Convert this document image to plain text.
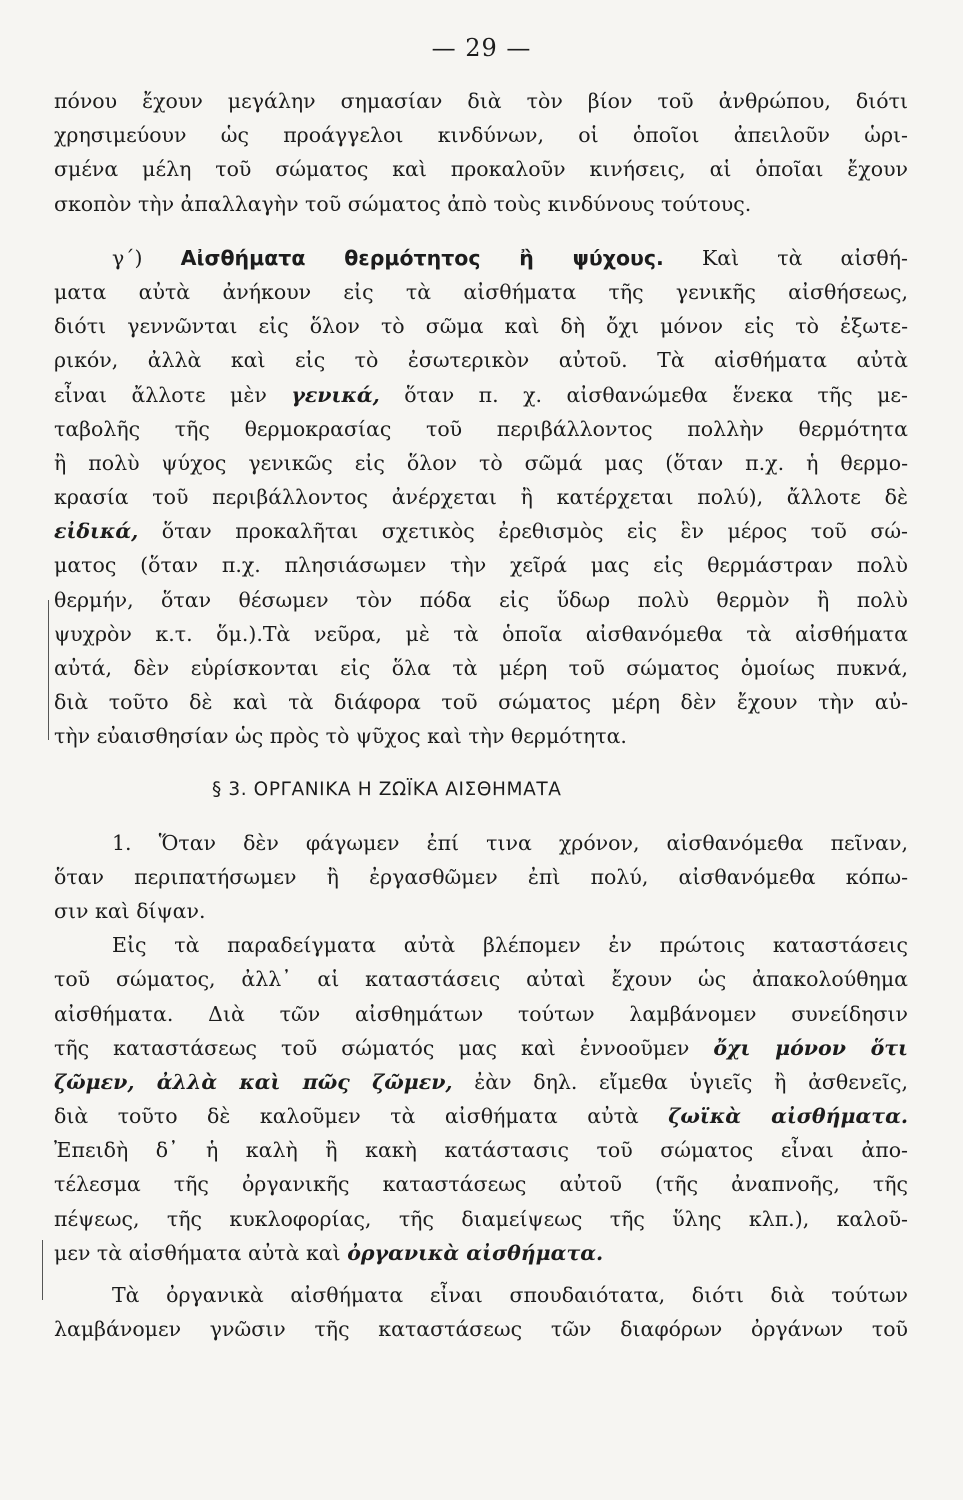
— 29 —
πόνου ἔχουν μεγάλην σημασίαν διὰ τὸν βίον τοῦ ἀνθρώπου, διότι
χρησιμεύουν ὡς προάγγελοι κινδύνων, οἱ ὁποῖοι ἀπειλοῦν ὡρι-
σμένα μέλη τοῦ σώματος καὶ προκαλοῦν κινήσεις, αἱ ὁποῖαι ἔχουν
σκοπὸν τὴν ἀπαλλαγὴν τοῦ σώματος ἀπὸ τοὺς κινδύνους τούτους.
γ΄) Αἰσθήματα θερμότητος ἢ ψύχους. Καὶ τὰ αἰσθή-
ματα αὐτὰ ἀνήκουν εἰς τὰ αἰσθήματα τῆς γενικῆς αἰσθήσεως,
διότι γεννῶνται εἰς ὅλον τὸ σῶμα καὶ δὴ ὄχι μόνον εἰς τὸ ἐξωτε-
ρικόν, ἀλλὰ καὶ εἰς τὸ ἐσωτερικὸν αὐτοῦ. Τὰ αἰσθήματα αὐτὰ
εἶναι ἄλλοτε μὲν γενικά, ὅταν π. χ. αἰσθανώμεθα ἕνεκα τῆς με-
ταβολῆς τῆς θερμοκρασίας τοῦ περιβάλλοντος πολλὴν θερμότητα
ἢ πολὺ ψύχος γενικῶς εἰς ὅλον τὸ σῶμά μας (ὅταν π.χ. ἡ θερμο-
κρασία τοῦ περιβάλλοντος ἀνέρχεται ἢ κατέρχεται πολύ), ἄλλοτε δὲ
εἰδικά, ὅταν προκαλῆται σχετικὸς ἐρεθισμὸς εἰς ἓν μέρος τοῦ σώ-
ματος (ὅταν π.χ. πλησιάσωμεν τὴν χεῖρά μας εἰς θερμάστραν πολὺ
θερμήν, ὅταν θέσωμεν τὸν πόδα εἰς ὕδωρ πολὺ θερμὸν ἢ πολὺ
ψυχρὸν κ.τ. ὅμ.).Τὰ νεῦρα, μὲ τὰ ὁποῖα αἰσθανόμεθα τὰ αἰσθήματα
αὐτά, δὲν εὑρίσκονται εἰς ὅλα τὰ μέρη τοῦ σώματος ὁμοίως πυκνά,
διὰ τοῦτο δὲ καὶ τὰ διάφορα τοῦ σώματος μέρη δὲν ἔχουν τὴν αὐ-
τὴν εὐαισθησίαν ὡς πρὸς τὸ ψῦχος καὶ τὴν θερμότητα.
§ 3. ΟΡΓΑΝΙΚΑ Η ΖΩΪΚΑ ΑΙΣΘΗΜΑΤΑ
1. Ὅταν δὲν φάγωμεν ἐπί τινα χρόνον, αἰσθανόμεθα πεῖναν,
ὅταν περιπατήσωμεν ἢ ἐργασθῶμεν ἐπὶ πολύ, αἰσθανόμεθα κόπω-
σιν καὶ δίψαν.
Εἰς τὰ παραδείγματα αὐτὰ βλέπομεν ἐν πρώτοις καταστάσεις
τοῦ σώματος, ἀλλ᾿ αἱ καταστάσεις αὐταὶ ἔχουν ὡς ἀπακολούθημα
αἰσθήματα. Διὰ τῶν αἰσθημάτων τούτων λαμβάνομεν συνείδησιν
τῆς καταστάσεως τοῦ σώματός μας καὶ ἐννοοῦμεν ὄχι μόνον ὅτι
ζῶμεν, ἀλλὰ καὶ πῶς ζῶμεν, ἐὰν δηλ. εἴμεθα ὑγιεῖς ἢ ἀσθενεῖς,
διὰ τοῦτο δὲ καλοῦμεν τὰ αἰσθήματα αὐτὰ ζωϊκὰ αἰσθήματα.
Ἐπειδὴ δ᾿ ἡ καλὴ ἢ κακὴ κατάστασις τοῦ σώματος εἶναι ἀπο-
τέλεσμα τῆς ὀργανικῆς καταστάσεως αὐτοῦ (τῆς ἀναπνοῆς, τῆς
πέψεως, τῆς κυκλοφορίας, τῆς διαμείψεως τῆς ὕλης κλπ.), καλοῦ-
μεν τὰ αἰσθήματα αὐτὰ καὶ ὀργανικὰ αἰσθήματα.
Τὰ ὀργανικὰ αἰσθήματα εἶναι σπουδαιότατα, διότι διὰ τούτων
λαμβάνομεν γνῶσιν τῆς καταστάσεως τῶν διαφόρων ὀργάνων τοῦ
